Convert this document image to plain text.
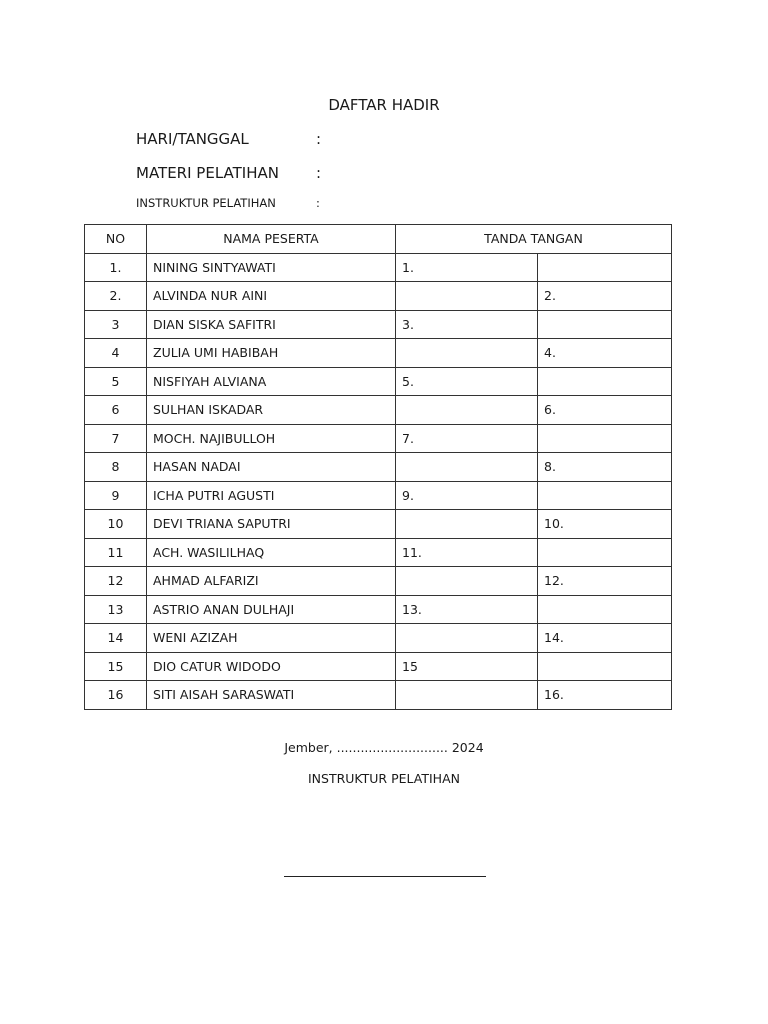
DAFTAR HADIR
HARI/TANGGAL	:
MATERI PELATIHAN :
INSTRUKTUR PELATIHAN	:
NO	NAMA PESERTA	TANDA TANGAN	
1.	NINING SINTYAWATI	1.	
2.	ALVINDA NUR AINI		2.
3	DIAN SISKA SAFITRI	3.	
4	ZULIA UMI HABIBAH		4.
5	NISFIYAH ALVIANA	5.	
6	SULHAN ISKADAR		6.
7	MOCH. NAJIBULLOH	7.	
8	HASAN NADAI		8.
9	ICHA PUTRI AGUSTI	9.	
10	DEVI TRIANA SAPUTRI		10.
11	ACH. WASILILHAQ	11.	
12	AHMAD ALFARIZI		12.
13	ASTRIO ANAN DULHAJI	13.	
14	WENI AZIZAH		14.
15	DIO CATUR WIDODO	15	
16	SITI AISAH SARASWATI		16.
Jember, ............................ 2024
INSTRUKTUR PELATIHAN
